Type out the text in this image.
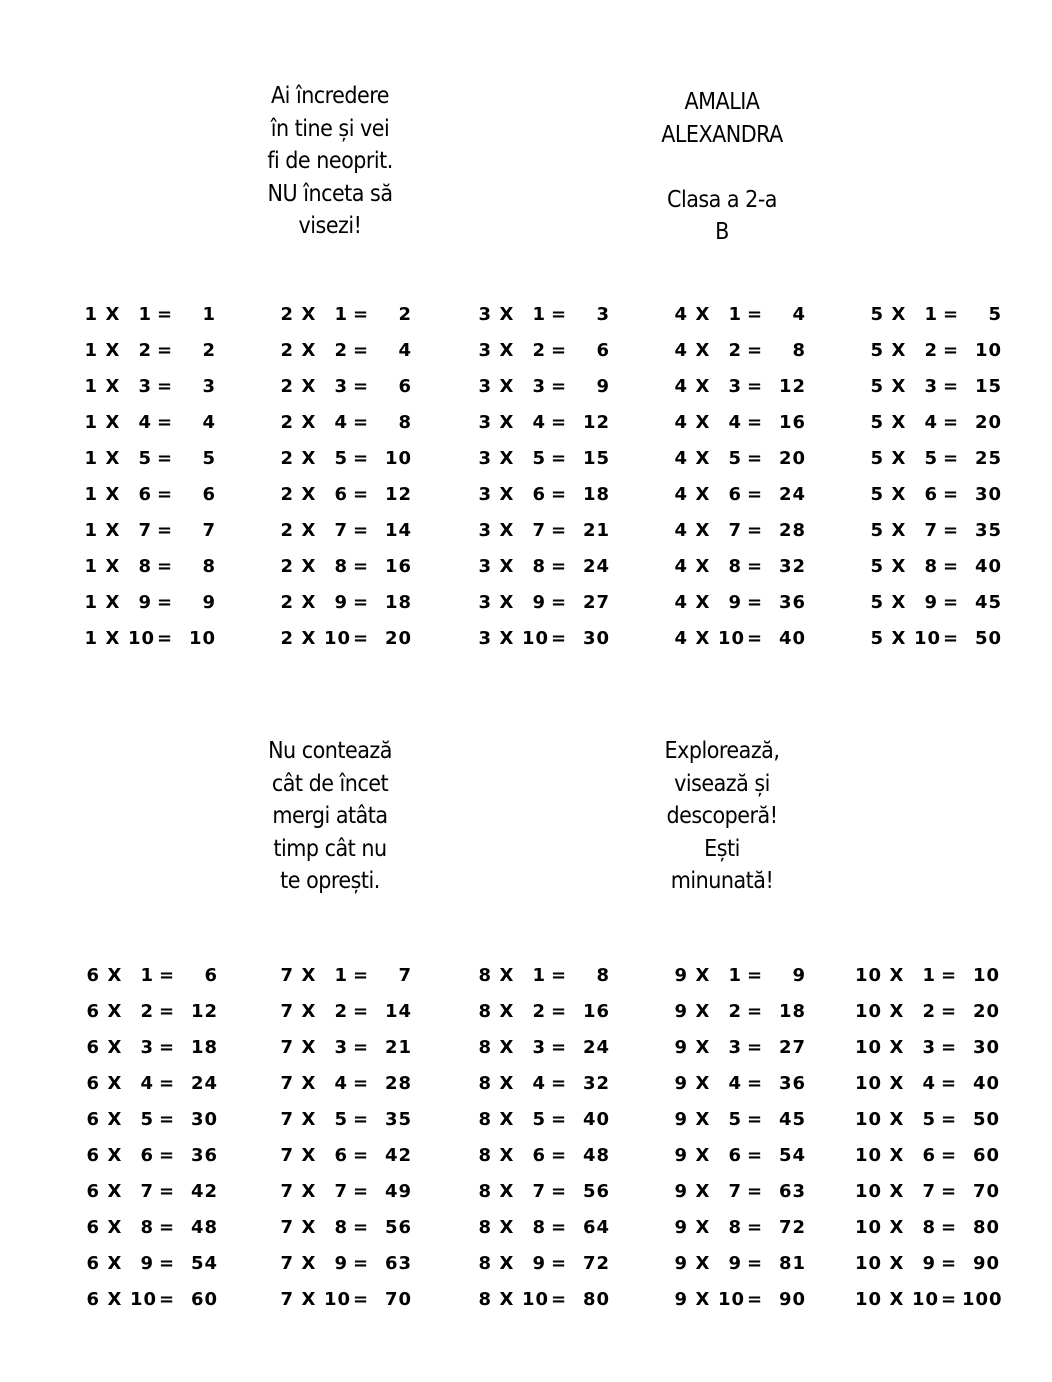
Ai încredere
în tine și vei
fi de neoprit.
NU înceta să
visezi!
AMALIA
ALEXANDRA
Clasa a 2-a
B
Nu contează
cât de încet
mergi atâta
timp cât nu
te oprești.
Explorează,
visează și
descoperă!
Ești
minunată!
1 X	1 =	1
1 X	2 =	2
1 X	3 =	3
1 X	4 =	4
1 X	5 =	5
1 X	6 =	6
1 X	7 =	7
1 X	8 =	8
1 X	9 =	9
1 X 10 = 10
2 X	1 =	2
2 X	2 =	4
2 X	3 =	6
2 X	4 =	8
2 X	5 = 10
2 X	6 = 12
2 X	7 = 14
2 X	8 = 16
2 X	9 = 18
2 X 10 = 20
3 X	1 =	3
3 X	2 =	6
3 X	3 =	9
3 X	4 = 12
3 X	5 = 15
3 X	6 = 18
3 X	7 = 21
3 X	8 = 24
3 X	9 = 27
3 X 10 = 30
4 X	1 =	4
4 X	2 =	8
4 X	3 = 12
4 X	4 = 16
4 X	5 = 20
4 X	6 = 24
4 X	7 = 28
4 X	8 = 32
4 X	9 = 36
4 X 10 = 40
5 X	1 =	5
5 X	2 = 10
5 X	3 = 15
5 X	4 = 20
5 X	5 = 25
5 X	6 = 30
5 X	7 = 35
5 X	8 = 40
5 X	9 = 45
5 X 10 = 50
6 X	1 =	6
6 X	2 = 12
6 X	3 = 18
6 X	4 = 24
6 X	5 = 30
6 X	6 = 36
6 X	7 = 42
6 X	8 = 48
6 X	9 = 54
6 X 10 = 60
7 X	1 =	7
7 X	2 = 14
7 X	3 = 21
7 X	4 = 28
7 X	5 = 35
7 X	6 = 42
7 X	7 = 49
7 X	8 = 56
7 X	9 = 63
7 X 10 = 70
8 X	1 =	8
8 X	2 = 16
8 X	3 = 24
8 X	4 = 32
8 X	5 = 40
8 X	6 = 48
8 X	7 = 56
8 X	8 = 64
8 X	9 = 72
8 X 10 = 80
9 X	1 =	9
9 X	2 = 18
9 X	3 = 27
9 X	4 = 36
9 X	5 = 45
9 X	6 = 54
9 X	7 = 63
9 X	8 = 72
9 X	9 = 81
9 X 10 = 90
10 X	1 = 10
10 X	2 = 20
10 X	3 = 30
10 X	4 = 40
10 X	5 = 50
10 X	6 = 60
10 X	7 = 70
10 X	8 = 80
10 X	9 = 90
10 X 10 = 100
